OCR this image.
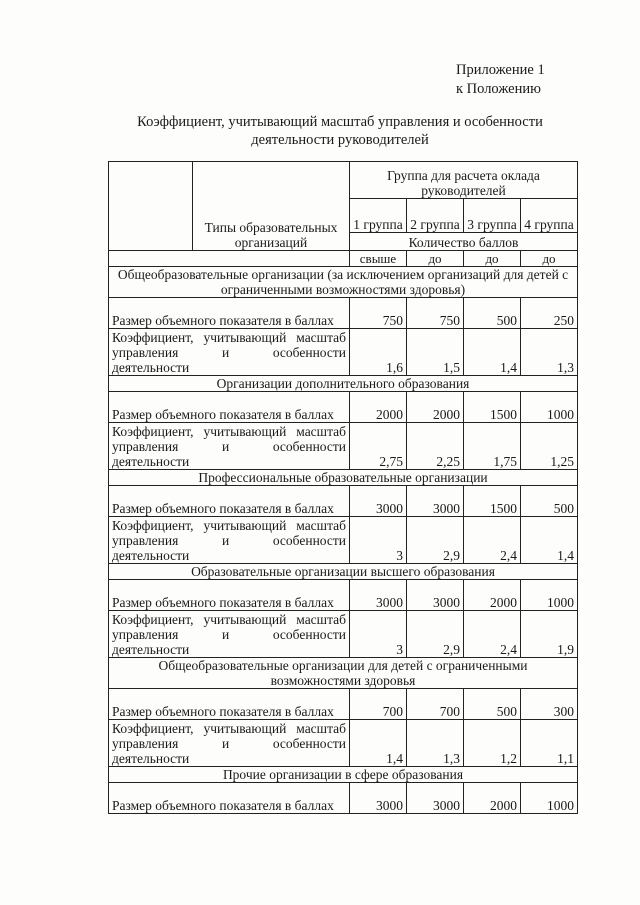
Приложение 1
к Положению
Коэффициент, учитывающий масштаб управления и особенности деятельности руководителей
	Типы образовательных организаций	Группа для расчета оклада руководителей			
		1 группа	2 группа	3 группа	4 группа
		Количество баллов			
		свыше	до	до	до
Общеобразовательные организации (за исключением организаций для детей с ограниченными возможностями здоровья)					
Размер объемного показателя в баллах		750	750	500	250
Коэффициент, учитывающий масштаб управления и особенности деятельности		1,6	1,5	1,4	1,3
Организации дополнительного образования					
Размер объемного показателя в баллах		2000	2000	1500	1000
Коэффициент, учитывающий масштаб управления и особенности деятельности		2,75	2,25	1,75	1,25
Профессиональные образовательные организации					
Размер объемного показателя в баллах		3000	3000	1500	500
Коэффициент, учитывающий масштаб управления и особенности деятельности		3	2,9	2,4	1,4
Образовательные организации высшего образования					
Размер объемного показателя в баллах		3000	3000	2000	1000
Коэффициент, учитывающий масштаб управления и особенности деятельности		3	2,9	2,4	1,9
Общеобразовательные организации для детей с ограниченными возможностями здоровья					
Размер объемного показателя в баллах		700	700	500	300
Коэффициент, учитывающий масштаб управления и особенности деятельности		1,4	1,3	1,2	1,1
Прочие организации в сфере образования					
Размер объемного показателя в баллах		3000	3000	2000	1000
